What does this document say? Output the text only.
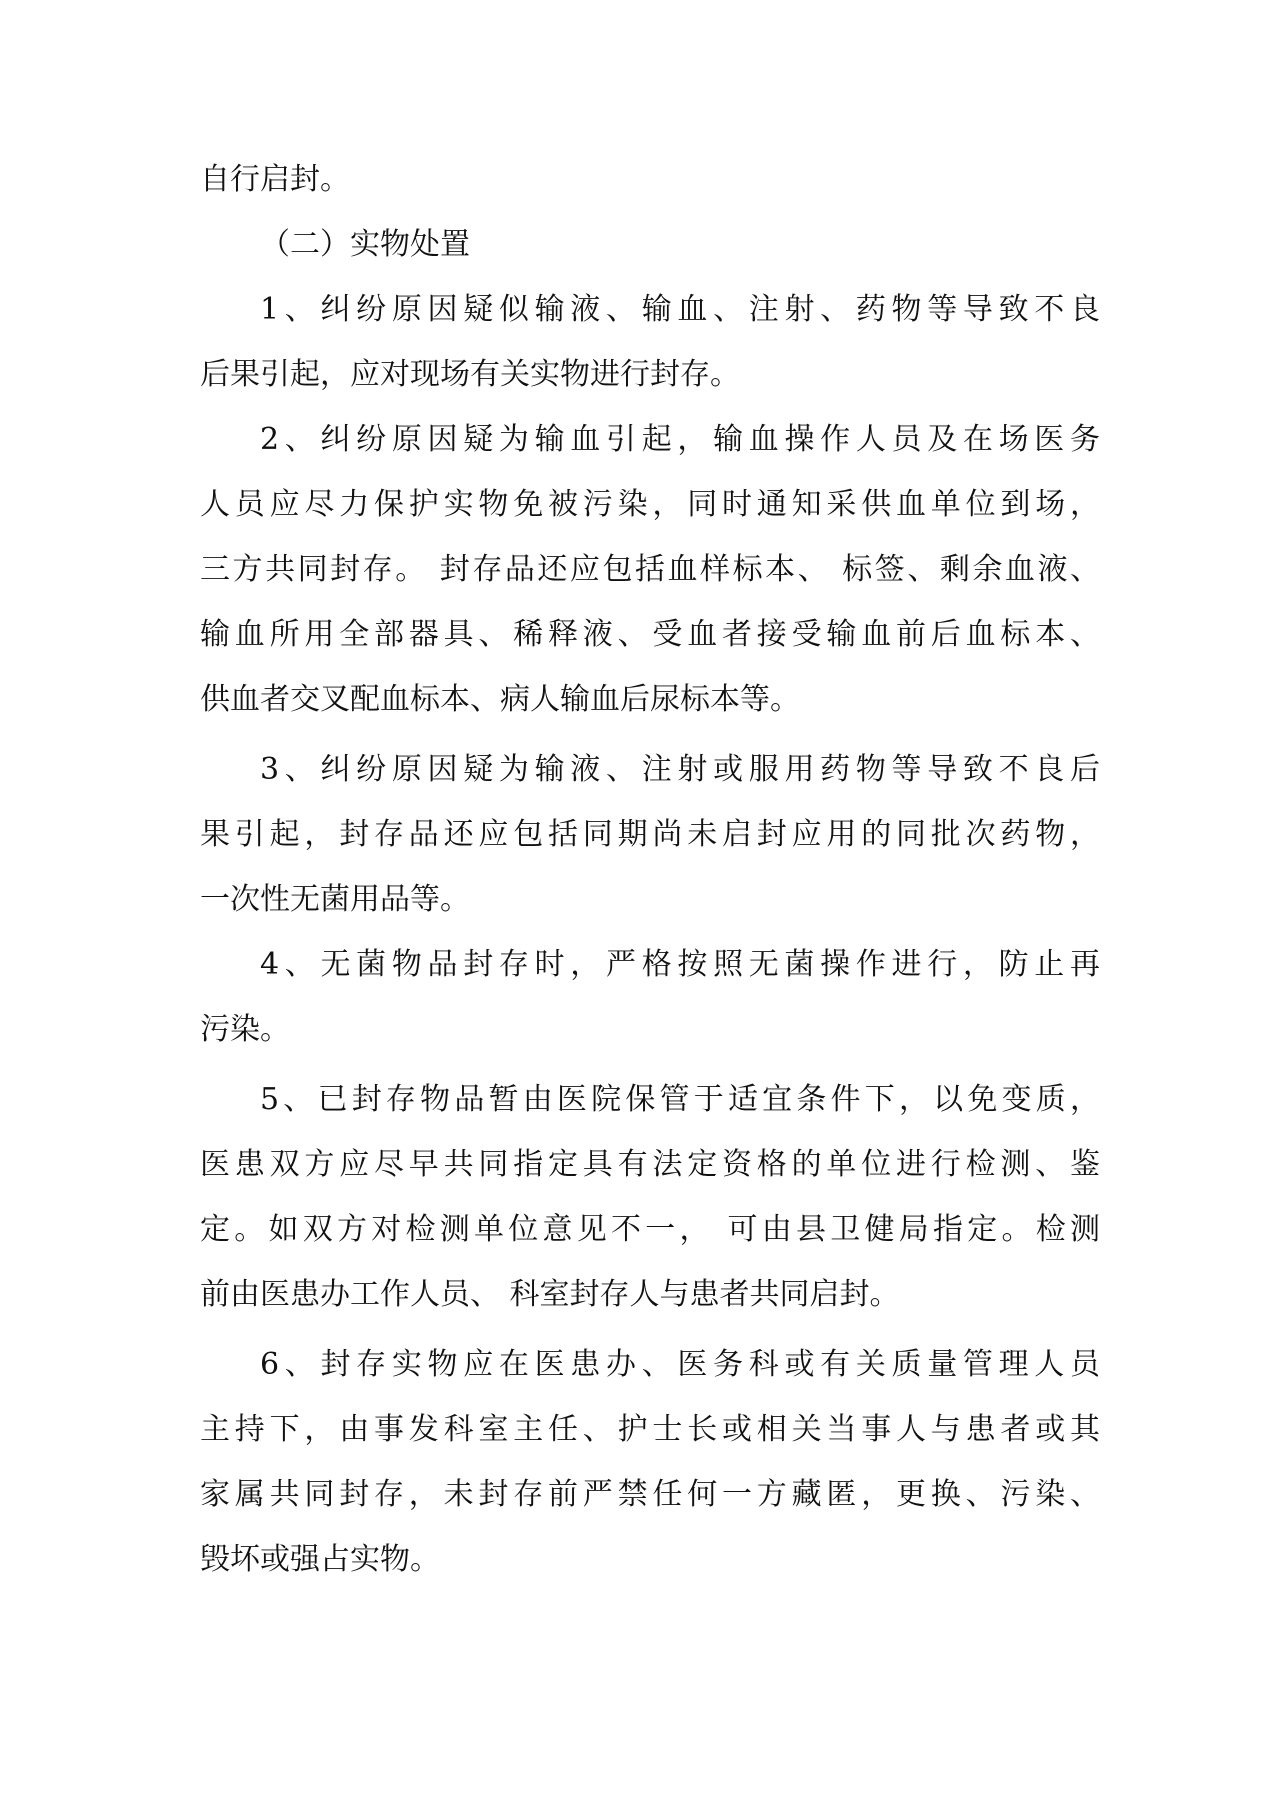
自行启封。
（二）实物处置
1、纠纷原因疑似输液、输血、注射、药物等导致不良
后果引起，应对现场有关实物进行封存。
2、纠纷原因疑为输血引起，输血操作人员及在场医务
人员应尽力保护实物免被污染，同时通知采供血单位到场，
三方共同封存。 封存品还应包括血样标本、 标签、剩余血液、
输血所用全部器具、稀释液、受血者接受输血前后血标本、
供血者交叉配血标本、病人输血后尿标本等。
3、纠纷原因疑为输液、注射或服用药物等导致不良后
果引起，封存品还应包括同期尚未启封应用的同批次药物，
一次性无菌用品等。
4、无菌物品封存时，严格按照无菌操作进行，防止再
污染。
5、已封存物品暂由医院保管于适宜条件下，以免变质，
医患双方应尽早共同指定具有法定资格的单位进行检测、鉴
定。如双方对检测单位意见不一， 可由县卫健局指定。检测
前由医患办工作人员、 科室封存人与患者共同启封。
6、封存实物应在医患办、医务科或有关质量管理人员
主持下，由事发科室主任、护士长或相关当事人与患者或其
家属共同封存，未封存前严禁任何一方藏匿，更换、污染、
毁坏或强占实物。
